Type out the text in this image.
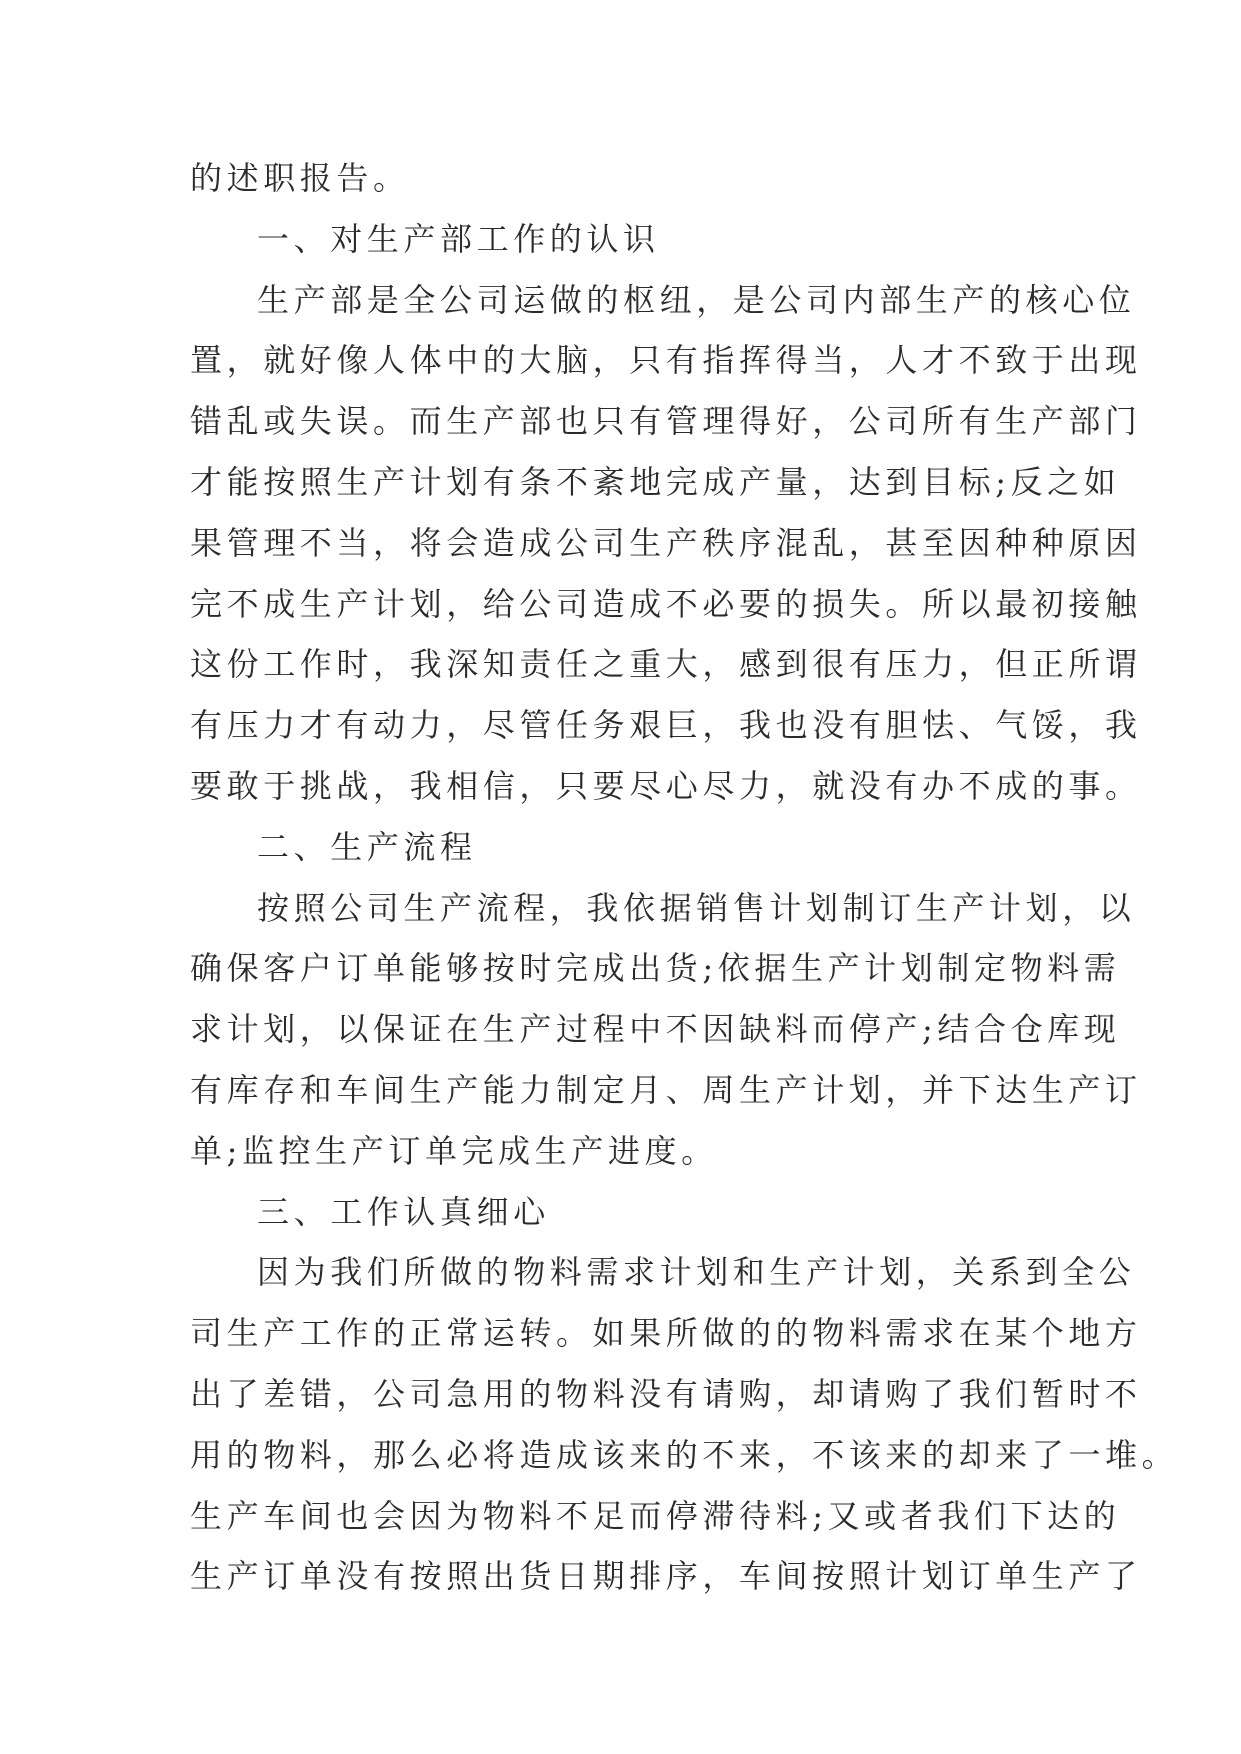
的述职报告。
一、对生产部工作的认识
生产部是全公司运做的枢纽，是公司内部生产的核心位
置，就好像人体中的大脑，只有指挥得当，人才不致于出现
错乱或失误。而生产部也只有管理得好，公司所有生产部门
才能按照生产计划有条不紊地完成产量，达到目标;反之如
果管理不当，将会造成公司生产秩序混乱，甚至因种种原因
完不成生产计划，给公司造成不必要的损失。所以最初接触
这份工作时，我深知责任之重大，感到很有压力，但正所谓
有压力才有动力，尽管任务艰巨，我也没有胆怯、气馁，我
要敢于挑战，我相信，只要尽心尽力，就没有办不成的事。
二、生产流程
按照公司生产流程，我依据销售计划制订生产计划，以
确保客户订单能够按时完成出货;依据生产计划制定物料需
求计划，以保证在生产过程中不因缺料而停产;结合仓库现
有库存和车间生产能力制定月、周生产计划，并下达生产订
单;监控生产订单完成生产进度。
三、工作认真细心
因为我们所做的物料需求计划和生产计划，关系到全公
司生产工作的正常运转。如果所做的的物料需求在某个地方
出了差错，公司急用的物料没有请购，却请购了我们暂时不
用的物料，那么必将造成该来的不来，不该来的却来了一堆。
生产车间也会因为物料不足而停滞待料;又或者我们下达的
生产订单没有按照出货日期排序，车间按照计划订单生产了
